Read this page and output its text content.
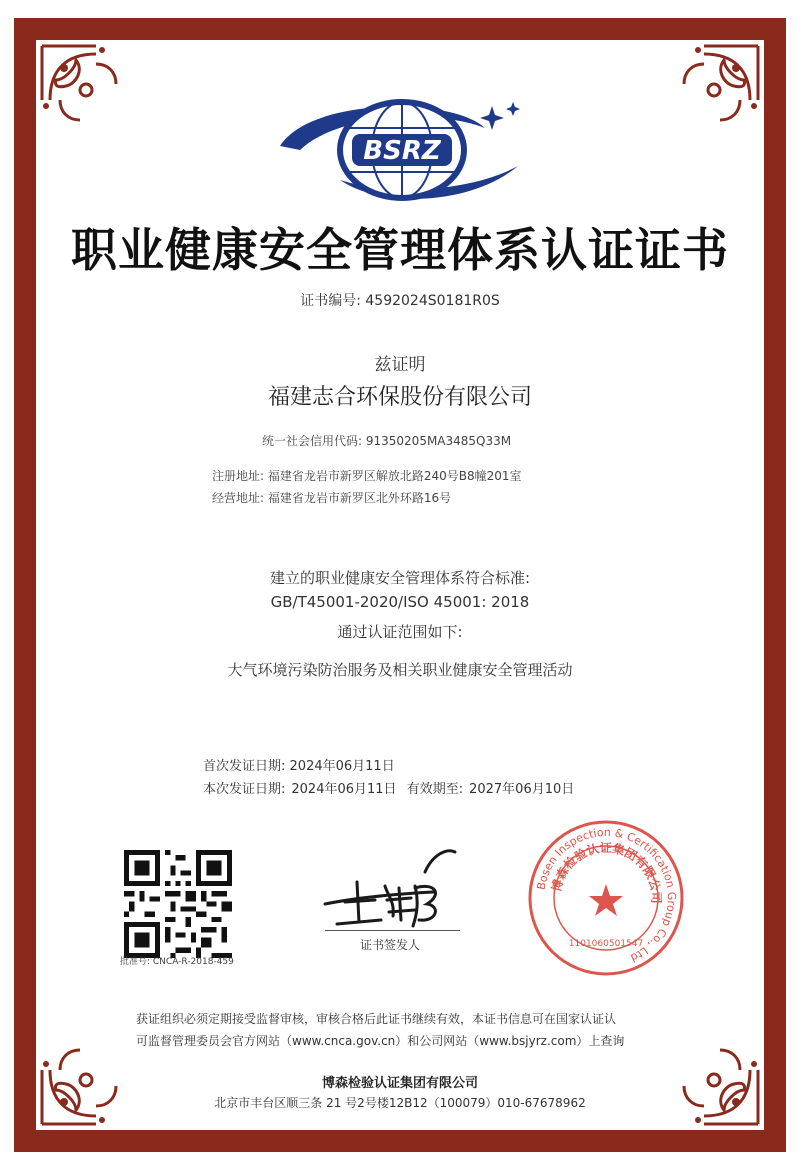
BSRZ
职业健康安全管理体系认证证书
证书编号: 4592024S0181R0S
兹证明
福建志合环保股份有限公司
统一社会信用代码: 91350205MA3485Q33M
注册地址: 福建省龙岩市新罗区解放北路240号B8幢201室
经营地址: 福建省龙岩市新罗区北外环路16号
建立的职业健康安全管理体系符合标准:
GB/T45001-2020/ISO 45001: 2018
通过认证范围如下:
大气环境污染防治服务及相关职业健康安全管理活动
首次发证日期: 2024年06月11日
本次发证日期: 2024年06月11日 有效期至: 2027年06月10日
批准号: CNCA-R-2018-459
证书签发人
Bosen Inspection & Certification Group Co., Ltd
博森检验认证集团有限公司
1101060501547
获证组织必须定期接受监督审核，审核合格后此证书继续有效，本证书信息可在国家认证认
可监督管理委员会官方网站（www.cnca.gov.cn）和公司网站（www.bsjyrz.com）上查询
博森检验认证集团有限公司
北京市丰台区顺三条 21 号2号楼12B12（100079）010-67678962
